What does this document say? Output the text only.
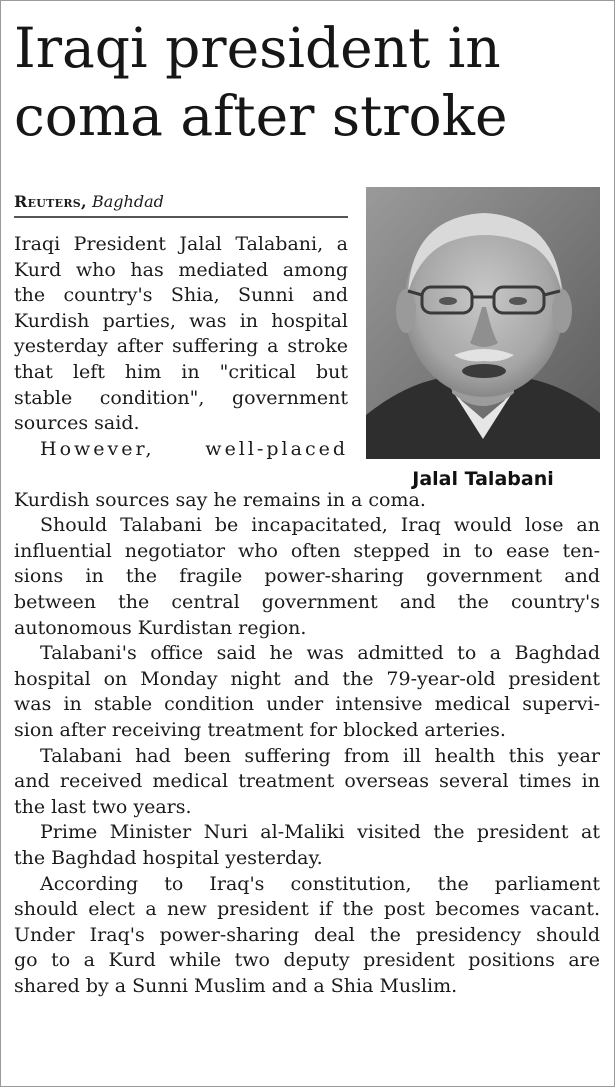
Iraqi president in
coma after stroke
Reuters, Baghdad
Jalal Talabani

Iraqi President Jalal Talabani, a
Kurd who has mediated among
the country's Shia, Sunni and
Kurdish parties, was in hospital
yesterday after suffering a stroke
that left him in "critical but
stable condition", government
sources said.
However, well-placed

Kurdish sources say he remains in a coma.
Should Talabani be incapacitated, Iraq would lose an
influential negotiator who often stepped in to ease ten-
sions in the fragile power-sharing government and
between the central government and the country's
autonomous Kurdistan region.
Talabani's office said he was admitted to a Baghdad
hospital on Monday night and the 79-year-old president
was in stable condition under intensive medical supervi-
sion after receiving treatment for blocked arteries.
Talabani had been suffering from ill health this year
and received medical treatment overseas several times in
the last two years.
Prime Minister Nuri al-Maliki visited the president at
the Baghdad hospital yesterday.
According to Iraq's constitution, the parliament
should elect a new president if the post becomes vacant.
Under Iraq's power-sharing deal the presidency should
go to a Kurd while two deputy president positions are
shared by a Sunni Muslim and a Shia Muslim.
